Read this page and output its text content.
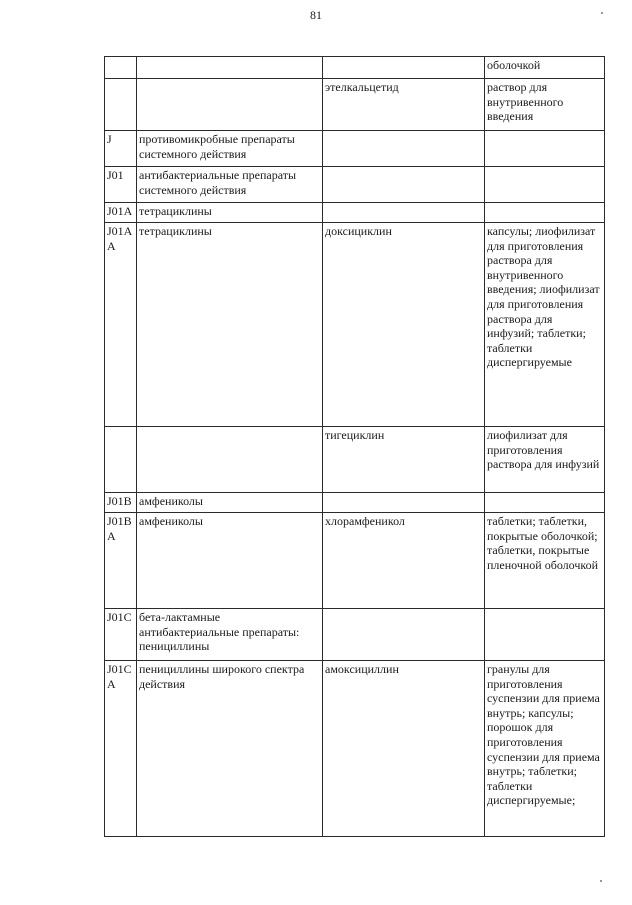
81
			оболочкой
		этелкальцетид	раствор для внутривенного введения
J	противомикробные препараты системного действия		
J01	антибактериальные препараты системного действия		
J01A	тетрациклины		
J01AA	тетрациклины	доксициклин	капсулы; лиофилизат для приготовления раствора для внутривенного введения; лиофилизат для приготовления раствора для инфузий; таблетки; таблетки диспергируемые
		тигециклин	лиофилизат для приготовления раствора для инфузий
J01B	амфениколы		
J01BA	амфениколы	хлорамфеникол	таблетки; таблетки, покрытые оболочкой; таблетки, покрытые пленочной оболочкой
J01C	бета-лактамные антибактериальные препараты: пенициллины		
J01CA	пенициллины широкого спектра действия	амоксициллин	гранулы для приготовления суспензии для приема внутрь; капсулы; порошок для приготовления суспензии для приема внутрь; таблетки; таблетки диспергируемые;
